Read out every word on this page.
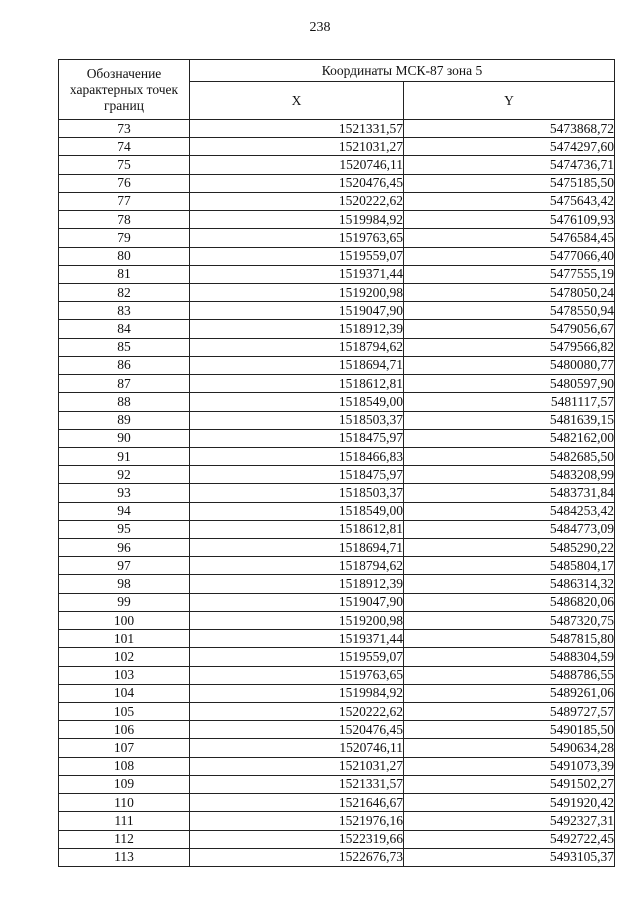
238
Обозначение характерных точек границ	Координаты МСК-87 зона 5	
	X	Y
73	1521331,57	5473868,72
74	1521031,27	5474297,60
75	1520746,11	5474736,71
76	1520476,45	5475185,50
77	1520222,62	5475643,42
78	1519984,92	5476109,93
79	1519763,65	5476584,45
80	1519559,07	5477066,40
81	1519371,44	5477555,19
82	1519200,98	5478050,24
83	1519047,90	5478550,94
84	1518912,39	5479056,67
85	1518794,62	5479566,82
86	1518694,71	5480080,77
87	1518612,81	5480597,90
88	1518549,00	5481117,57
89	1518503,37	5481639,15
90	1518475,97	5482162,00
91	1518466,83	5482685,50
92	1518475,97	5483208,99
93	1518503,37	5483731,84
94	1518549,00	5484253,42
95	1518612,81	5484773,09
96	1518694,71	5485290,22
97	1518794,62	5485804,17
98	1518912,39	5486314,32
99	1519047,90	5486820,06
100	1519200,98	5487320,75
101	1519371,44	5487815,80
102	1519559,07	5488304,59
103	1519763,65	5488786,55
104	1519984,92	5489261,06
105	1520222,62	5489727,57
106	1520476,45	5490185,50
107	1520746,11	5490634,28
108	1521031,27	5491073,39
109	1521331,57	5491502,27
110	1521646,67	5491920,42
111	1521976,16	5492327,31
112	1522319,66	5492722,45
113	1522676,73	5493105,37
